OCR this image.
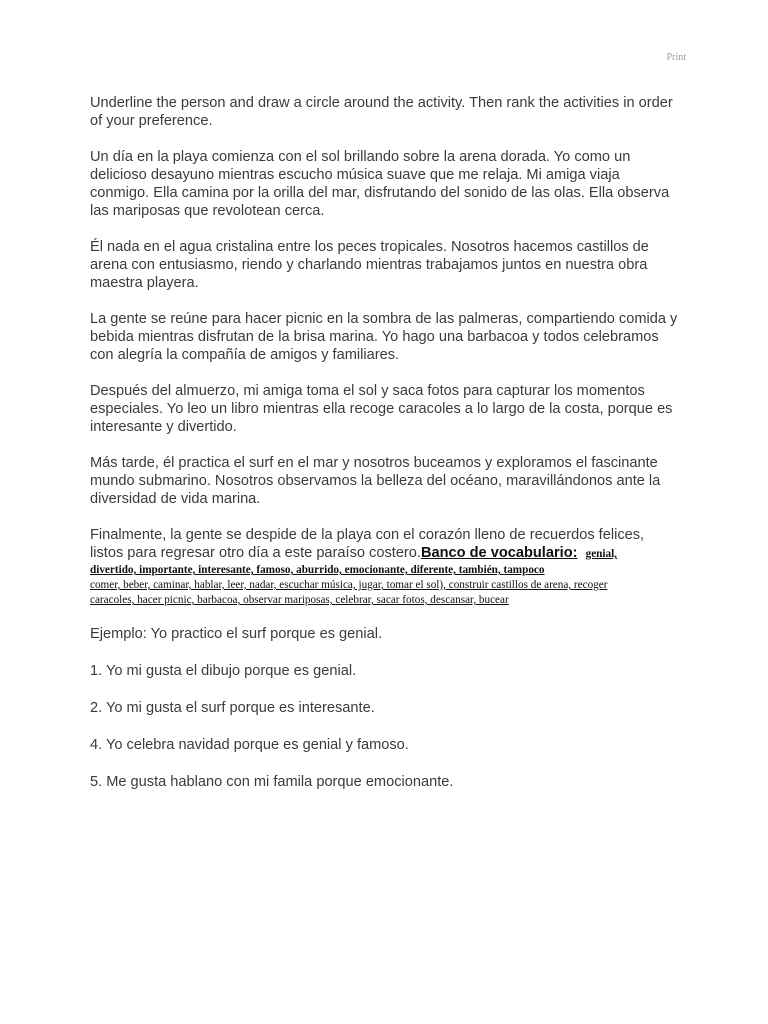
Print

Underline the person and draw a circle around the activity. Then rank the activities in order of your preference.

Un día en la playa comienza con el sol brillando sobre la arena dorada. Yo como un delicioso desayuno mientras escucho música suave que me relaja. Mi amiga viaja conmigo. Ella camina por la orilla del mar, disfrutando del sonido de las olas. Ella observa las mariposas que revolotean cerca.

Él nada en el agua cristalina entre los peces tropicales. Nosotros hacemos castillos de arena con entusiasmo, riendo y charlando mientras trabajamos juntos en nuestra obra maestra playera.

La gente se reúne para hacer picnic en la sombra de las palmeras, compartiendo comida y bebida mientras disfrutan de la brisa marina. Yo hago una barbacoa y todos celebramos con alegría la compañía de amigos y familiares.

Después del almuerzo, mi amiga toma el sol y saca fotos para capturar los momentos especiales. Yo leo un libro mientras ella recoge caracoles a lo largo de la costa, porque es interesante y divertido.

Más tarde, él practica el surf en el mar y nosotros buceamos y exploramos el fascinante mundo submarino. Nosotros observamos la belleza del océano, maravillándonos ante la diversidad de vida marina.

Finalmente, la gente se despide de la playa con el corazón lleno de recuerdos felices, listos para regresar otro día a este paraíso costero.Banco de vocabulario: genial,

divertido, importante, interesante, famoso, aburrido, emocionante, diferente, también, tampoco
comer, beber, caminar, hablar, leer, nadar, escuchar música, jugar, tomar el sol), construir castillos de arena, recoger
caracoles, hacer picnic, barbacoa, observar mariposas, celebrar, sacar fotos, descansar, bucear

Ejemplo: Yo practico el surf porque es genial.

1. Yo mi gusta el dibujo porque es genial.

2. Yo mi gusta el surf porque es interesante.

4. Yo celebra navidad porque es genial y famoso.

5. Me gusta hablano con mi famila porque emocionante.
